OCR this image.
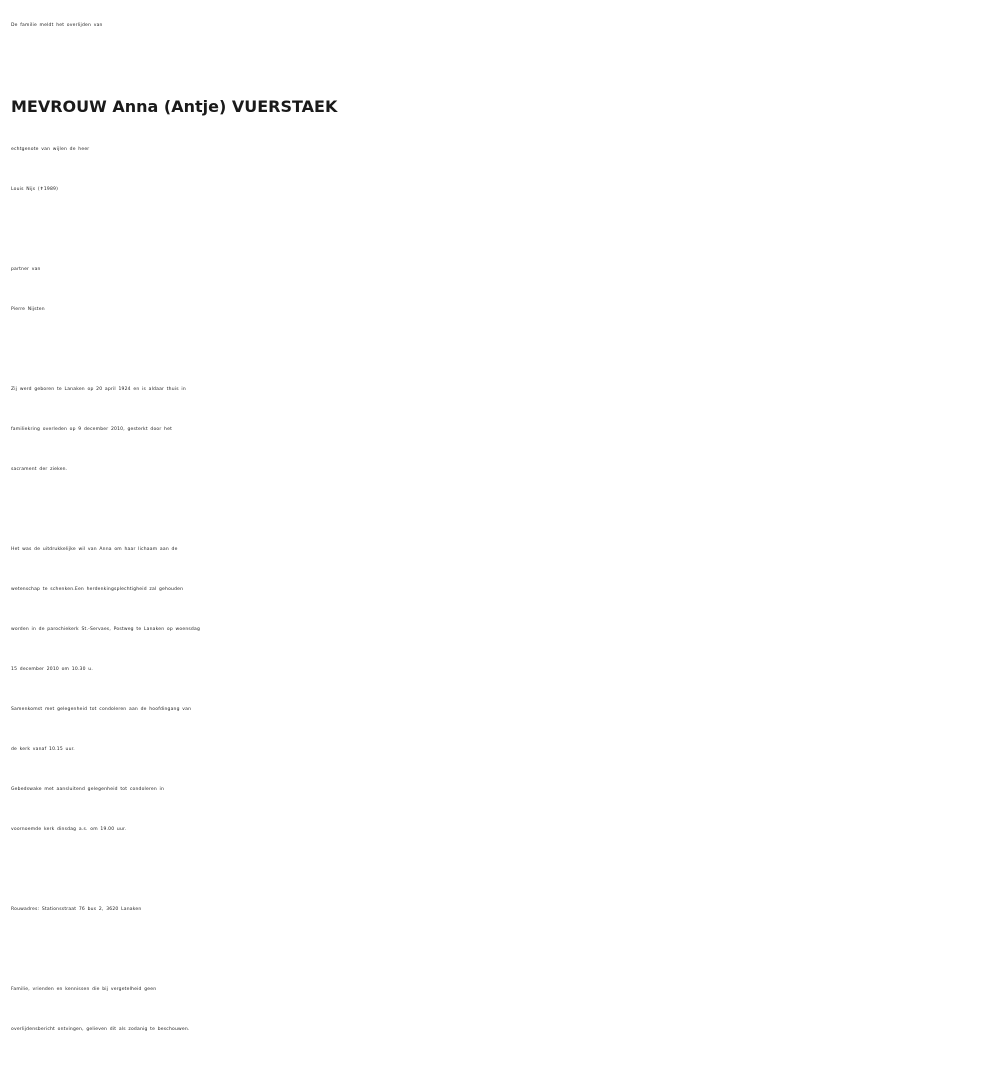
De familie meldt het overlijden van
MEVROUW Anna (Antje) VUERSTAEK
echtgenote van wijlen de heer
Louis Nijs (✝1989)
partner van
Pierre Nijsten
Zij werd geboren te Lanaken op 20 april 1924 en is aldaar thuis in
familiekring overleden op 9 december 2010, gesterkt door het
sacrament der zieken.
Het was de uitdrukkelijke wil van Anna om haar lichaam aan de
wetenschap te schenken.Een herdenkingsplechtigheid zal gehouden
worden in de parochiekerk St.-Servaes, Postweg te Lanaken op woensdag
15 december 2010 om 10.30 u.
Samenkomst met gelegenheid tot condoleren aan de hoofdingang van
de kerk vanaf 10.15 uur.
Gebedswake met aansluitend gelegenheid tot condoleren in
voornoemde kerk dinsdag a.s. om 19.00 uur.
Rouwadres: Stationsstraat 76 bus 2, 3620 Lanaken
Familie, vrienden en kennissen die bij vergetelheid geen
overlijdensbericht ontvingen, gelieven dit als zodanig te beschouwen.
